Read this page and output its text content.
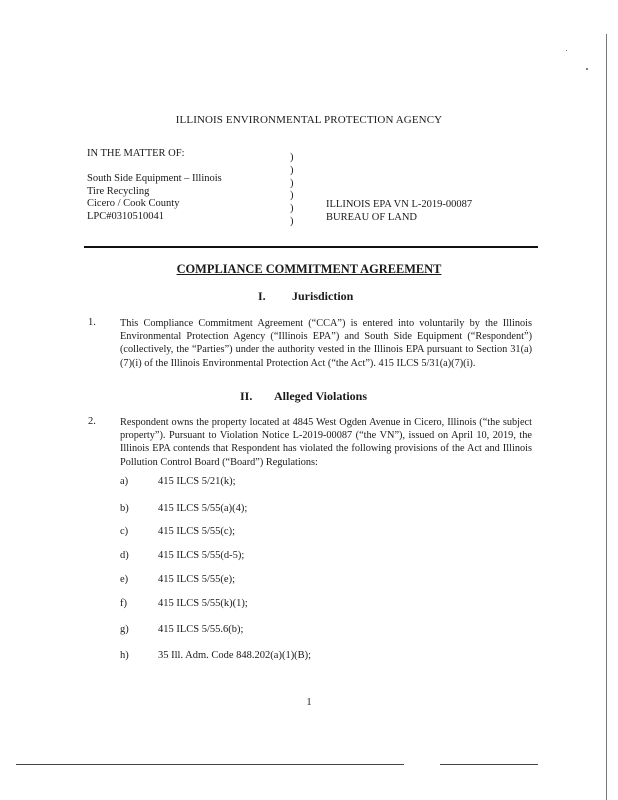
ILLINOIS ENVIRONMENTAL PROTECTION AGENCY
IN THE MATTER OF:
South Side Equipment – Illinois
Tire Recycling
Cicero / Cook County
LPC#0310510041
)
)
)
)
)
)
ILLINOIS EPA VN L-2019-00087
BUREAU OF LAND
COMPLIANCE COMMITMENT AGREEMENT
I. Jurisdiction
1. This Compliance Commitment Agreement (“CCA”) is entered into voluntarily by the Illinois Environmental Protection Agency (“Illinois EPA”) and South Side Equipment (“Respondent”) (collectively, the “Parties”) under the authority vested in the Illinois EPA pursuant to Section 31(a)(7)(i) of the Illinois Environmental Protection Act (“the Act”). 415 ILCS 5/31(a)(7)(i).
II. Alleged Violations
2. Respondent owns the property located at 4845 West Ogden Avenue in Cicero, Illinois (“the subject property”). Pursuant to Violation Notice L-2019-00087 (“the VN”), issued on April 10, 2019, the Illinois EPA contends that Respondent has violated the following provisions of the Act and Illinois Pollution Control Board (“Board”) Regulations:
a)	415 ILCS 5/21(k);
b)	415 ILCS 5/55(a)(4);
c)	415 ILCS 5/55(c);
d)	415 ILCS 5/55(d-5);
e)	415 ILCS 5/55(e);
f)	415 ILCS 5/55(k)(1);
g)	415 ILCS 5/55.6(b);
h)	35 Ill. Adm. Code 848.202(a)(1)(B);
1
